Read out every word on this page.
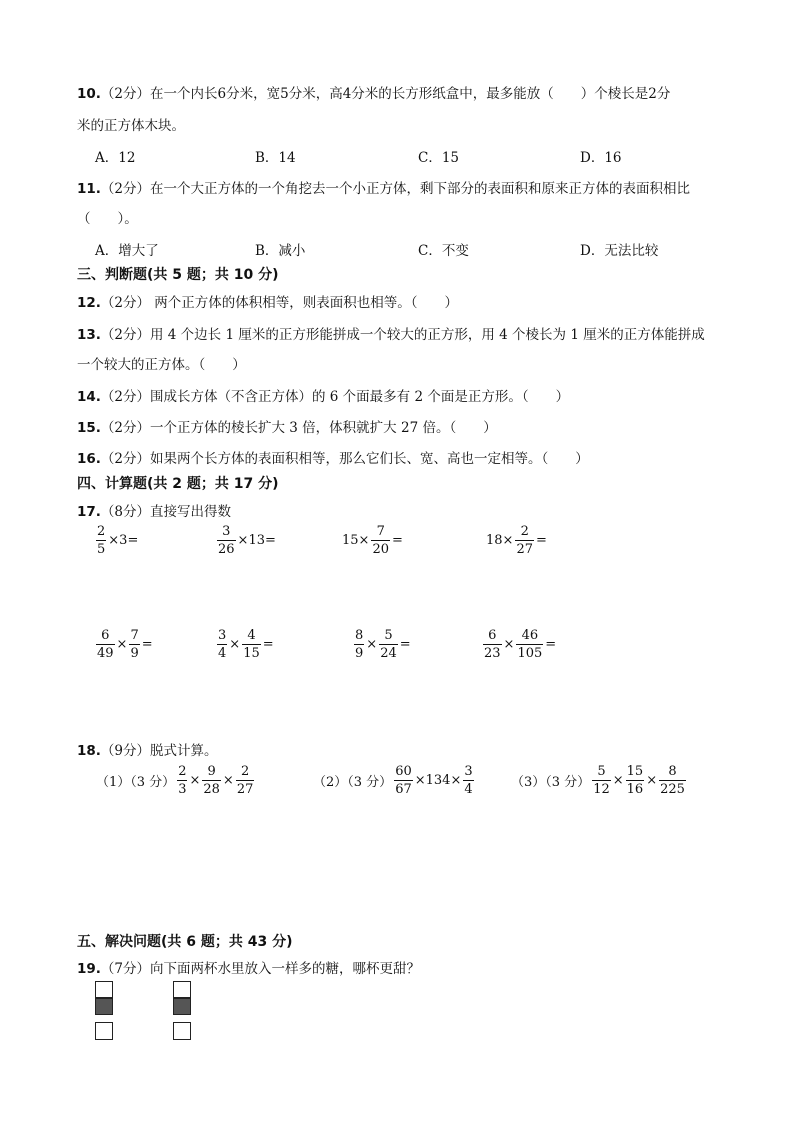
10.（2分）在一个内长6分米，宽5分米，高4分米的长方形纸盒中，最多能放（　　）个棱长是2分
米的正方体木块。
A．12	B．14	C．15	D．16
11.（2分）在一个大正方体的一个角挖去一个小正方体，剩下部分的表面积和原来正方体的表面积相比
（　　）。
A．增大了	B．减小	C．不变	D．无法比较
三、判断题(共 5 题；共 10 分)
12.（2分） 两个正方体的体积相等，则表面积也相等。（　　）
13.（2分）用 4 个边长 1 厘米的正方形能拼成一个较大的正方形，用 4 个棱长为 1 厘米的正方体能拼成
一个较大的正方体。（　　）
14.（2分）围成长方体（不含正方体）的 6 个面最多有 2 个面是正方形。（　　）
15.（2分）一个正方体的棱长扩大 3 倍，体积就扩大 27 倍。（　　）
16.（2分）如果两个长方体的表面积相等，那么它们长、宽、高也一定相等。（　　）
四、计算题(共 2 题；共 17 分)
17.（8分）直接写出得数
$\frac{2}{5} \times 3=$	$\frac{3}{26} \times 13=$	$15\times \frac{7}{20}$ =	$18\times \frac{2}{27}$ =
$\frac{6}{49} \times \frac{7}{9}$ =	$\frac{3}{4} \times \frac{4}{15}$ =	$\frac{8}{9} \times \frac{5}{24}$ =	$\frac{6}{23} \times \frac{46}{105}$ =
18.（9分）脱式计算。
（1）（3 分） $\frac{2}{3} \times \frac{9}{28} \times \frac{2}{27}$	（2）（3 分） $\frac{60}{67} \times 134\times \frac{3}{4}$	（3）（3 分） $\frac{5}{12} \times \frac{15}{16} \times \frac{8}{225}$
五、解决问题(共 6 题；共 43 分)
19.（7分）向下面两杯水里放入一样多的糖，哪杯更甜？
